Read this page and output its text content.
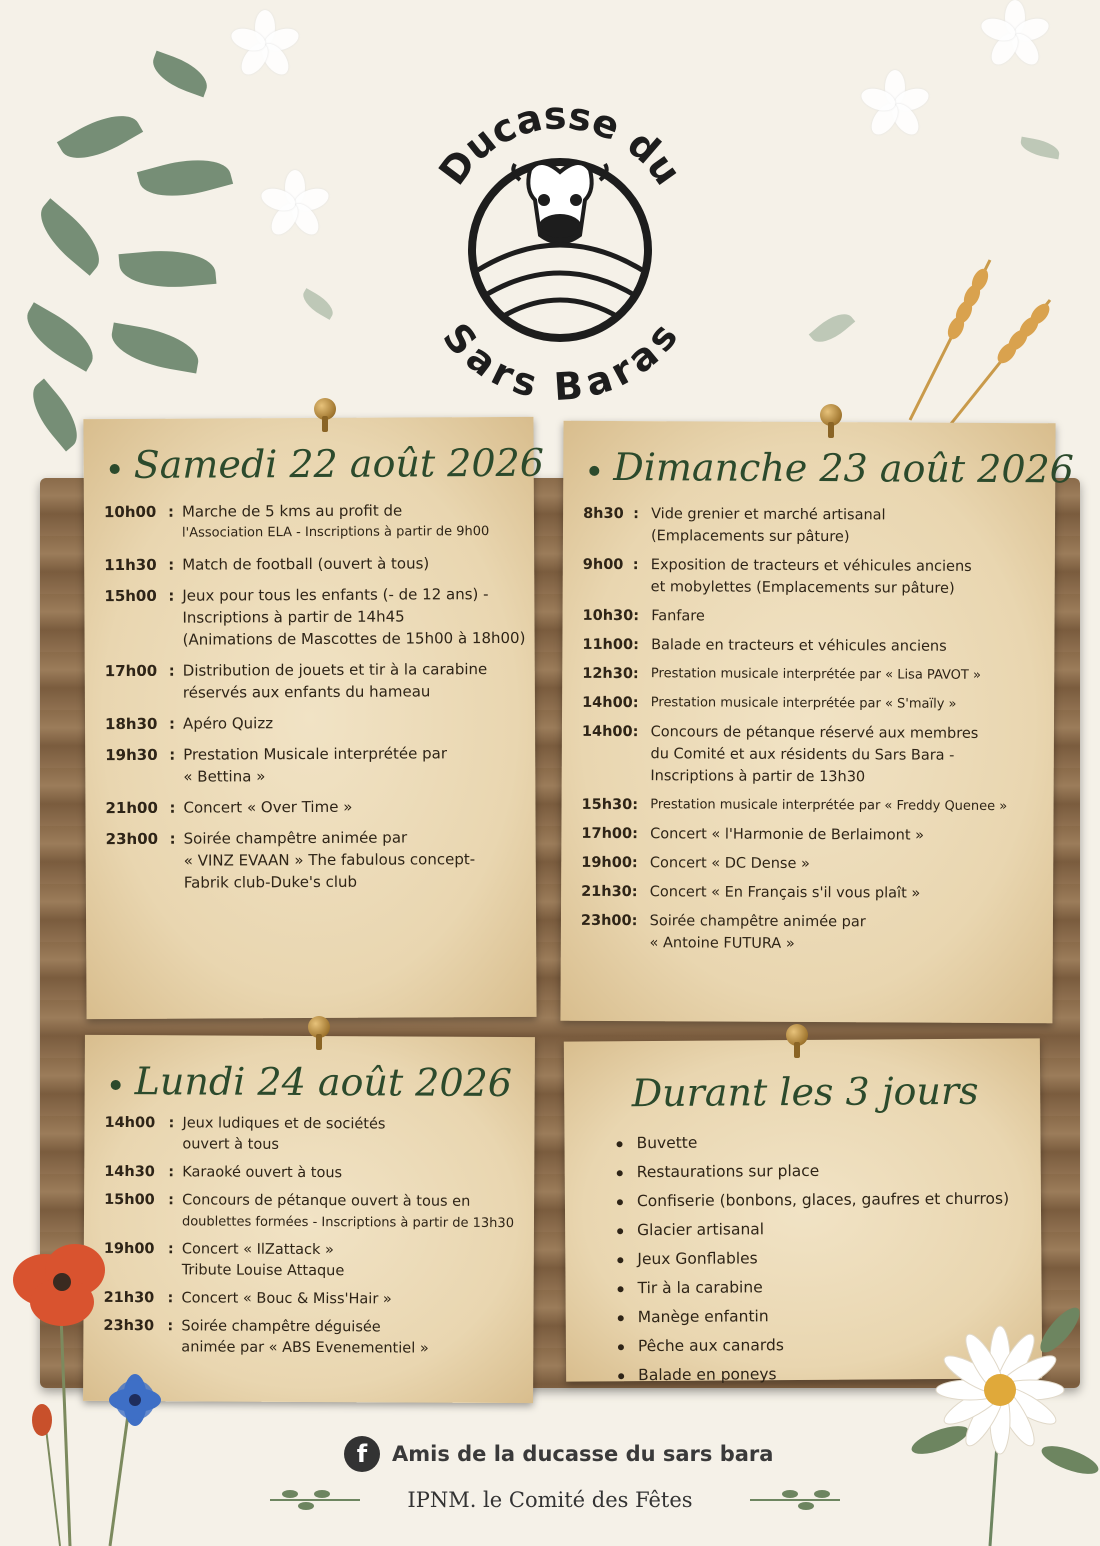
Ducasse du
Sars Baras
Samedi 22 août 2026
10h00 : Marche de 5 kms au profit de
l'Association ELA - Inscriptions à partir de 9h00
11h30 : Match de football (ouvert à tous)
15h00 : Jeux pour tous les enfants (- de 12 ans) -
Inscriptions à partir de 14h45
(Animations de Mascottes de 15h00 à 18h00)
17h00 : Distribution de jouets et tir à la carabine
réservés aux enfants du hameau
18h30 : Apéro Quizz
19h30 : Prestation Musicale interprétée par
« Bettina »
21h00 : Concert « Over Time »
23h00 : Soirée champêtre animée par
« VINZ EVAAN » The fabulous concept-
Fabrik club-Duke's club
Dimanche 23 août 2026
8h30 : Vide grenier et marché artisanal
(Emplacements sur pâture)
9h00 : Exposition de tracteurs et véhicules anciens
et mobylettes (Emplacements sur pâture)
10h30 : Fanfare
11h00 : Balade en tracteurs et véhicules anciens
12h30 : Prestation musicale interprétée par « Lisa PAVOT »
14h00 : Prestation musicale interprétée par « S'maïly »
14h00 : Concours de pétanque réservé aux membres
du Comité et aux résidents du Sars Bara -
Inscriptions à partir de 13h30
15h30 : Prestation musicale interprétée par « Freddy Quenee »
17h00 : Concert « l'Harmonie de Berlaimont »
19h00 : Concert « DC Dense »
21h30 : Concert « En Français s'il vous plaît »
23h00 : Soirée champêtre animée par
« Antoine FUTURA »
Lundi 24 août 2026
14h00 : Jeux ludiques et de sociétés
ouvert à tous
14h30 : Karaoké ouvert à tous
15h00 : Concours de pétanque ouvert à tous en
doublettes formées - Inscriptions à partir de 13h30
19h00 : Concert « IlZattack »
Tribute Louise Attaque
21h30 : Concert « Bouc & Miss'Hair »
23h30 : Soirée champêtre déguisée
animée par « ABS Evenementiel »
Durant les 3 jours
Buvette
Restaurations sur place
Confiserie (bonbons, glaces, gaufres et churros)
Glacier artisanal
Jeux Gonflables
Tir à la carabine
Manège enfantin
Pêche aux canards
Balade en poneys
f	Amis de la ducasse du sars bara
IPNM. le Comité des Fêtes
